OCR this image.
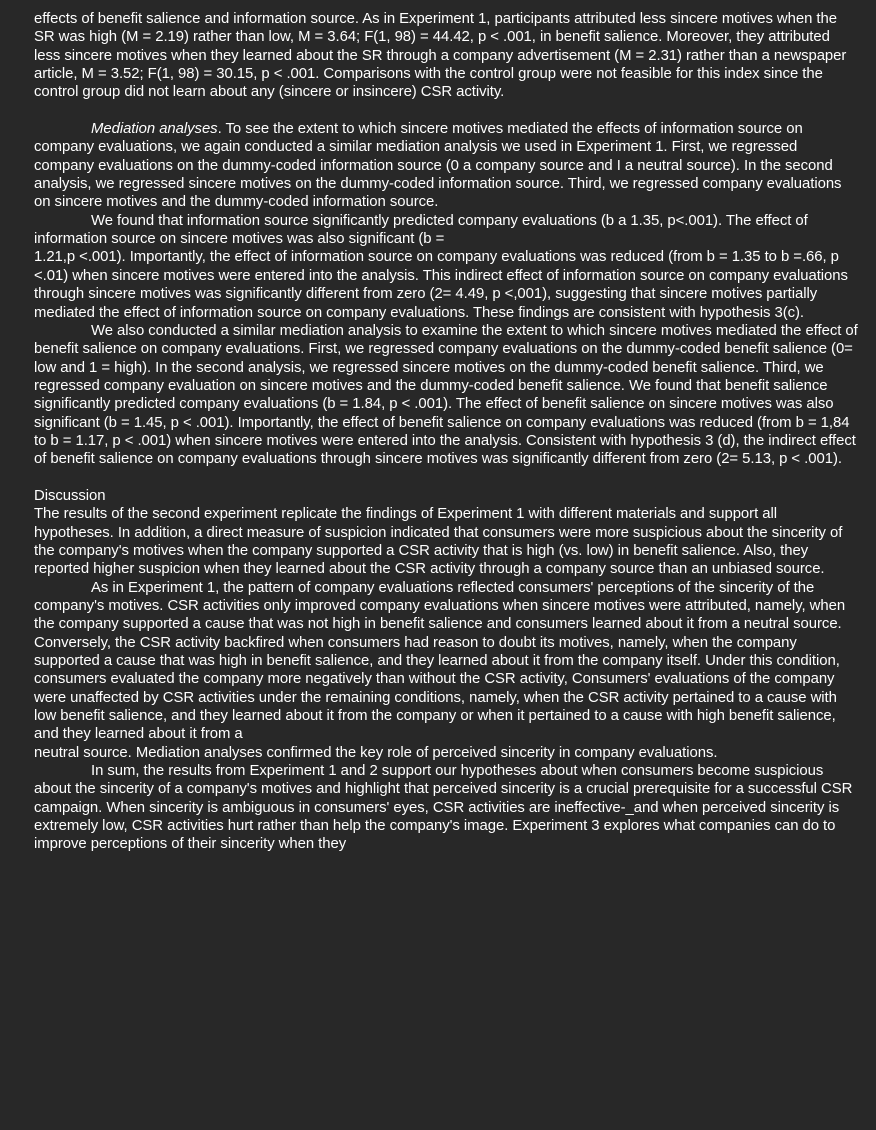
effects of benefit salience and information source. As in Experiment 1, participants attributed less sincere motives when the SR was high (M = 2.19) rather than low, M = 3.64; F(1, 98) = 44.42, p < .001, in benefit salience. Moreover, they attributed less sincere motives when they learned about the SR through a company advertisement (M = 2.31) rather than a newspaper article, M = 3.52; F(1, 98) = 30.15, p < .001. Comparisons with the control group were not feasible for this index since the control group did not learn about any (sincere or insincere) CSR activity.

Mediation analyses. To see the extent to which sincere motives mediated the effects of information source on company evaluations, we again conducted a similar mediation analysis we used in Experiment 1. First, we regressed company evaluations on the dummy-coded information source (0 a company source and I a neutral source). In the second analysis, we regressed sincere motives on the dummy-coded information source. Third, we regressed company evaluations on sincere motives and the dummy-coded information source.

We found that information source significantly predicted company evaluations (b a 1.35, p<.001). The effect of information source on sincere motives was also significant (b =

1.21,p <.001). Importantly, the effect of information source on company evaluations was reduced (from b = 1.35 to b =.66, p <.01) when sincere motives were entered into the analysis. This indirect effect of information source on company evaluations through sincere motives was significantly different from zero (2= 4.49, p <,001), suggesting that sincere motives partially mediated the effect of information source on company evaluations. These findings are consistent with hypothesis 3(c).

We also conducted a similar mediation analysis to examine the extent to which sincere motives mediated the effect of benefit salience on company evaluations. First, we regressed company evaluations on the dummy-coded benefit salience (0= low and 1 = high). In the second analysis, we regressed sincere motives on the dummy-coded benefit salience. Third, we regressed company evaluation on sincere motives and the dummy-coded benefit salience. We found that benefit salience significantly predicted company evaluations (b = 1.84, p < .001). The effect of benefit salience on sincere motives was also significant (b = 1.45, p < .001). Importantly, the effect of benefit salience on company evaluations was reduced (from b = 1,84 to b = 1.17, p < .001) when sincere motives were entered into the analysis. Consistent with hypothesis 3 (d), the indirect effect of benefit salience on company evaluations through sincere motives was significantly different from zero (2= 5.13, p < .001).

Discussion

The results of the second experiment replicate the findings of Experiment 1 with different materials and support all hypotheses. In addition, a direct measure of suspicion indicated that consumers were more suspicious about the sincerity of the company's motives when the company supported a CSR activity that is high (vs. low) in benefit salience. Also, they reported higher suspicion when they learned about the CSR activity through a company source than an unbiased source.

As in Experiment 1, the pattern of company evaluations reflected consumers' perceptions of the sincerity of the company's motives. CSR activities only improved company evaluations when sincere motives were attributed, namely, when the company supported a cause that was not high in benefit salience and consumers learned about it from a neutral source. Conversely, the CSR activity backfired when consumers had reason to doubt its motives, namely, when the company supported a cause that was high in benefit salience, and they learned about it from the company itself. Under this condition, consumers evaluated the company more negatively than without the CSR activity, Consumers' evaluations of the company were unaffected by CSR activities under the remaining conditions, namely, when the CSR activity pertained to a cause with low benefit salience, and they learned about it from the company or when it pertained to a cause with high benefit salience, and they learned about it from a

neutral source. Mediation analyses confirmed the key role of perceived sincerity in company evaluations.

In sum, the results from Experiment 1 and 2 support our hypotheses about when consumers become suspicious about the sincerity of a company's motives and highlight that perceived sincerity is a crucial prerequisite for a successful CSR campaign. When sincerity is ambiguous in consumers' eyes, CSR activities are ineffective-_and when perceived sincerity is extremely low, CSR activities hurt rather than help the company's image. Experiment 3 explores what companies can do to improve perceptions of their sincerity when they
